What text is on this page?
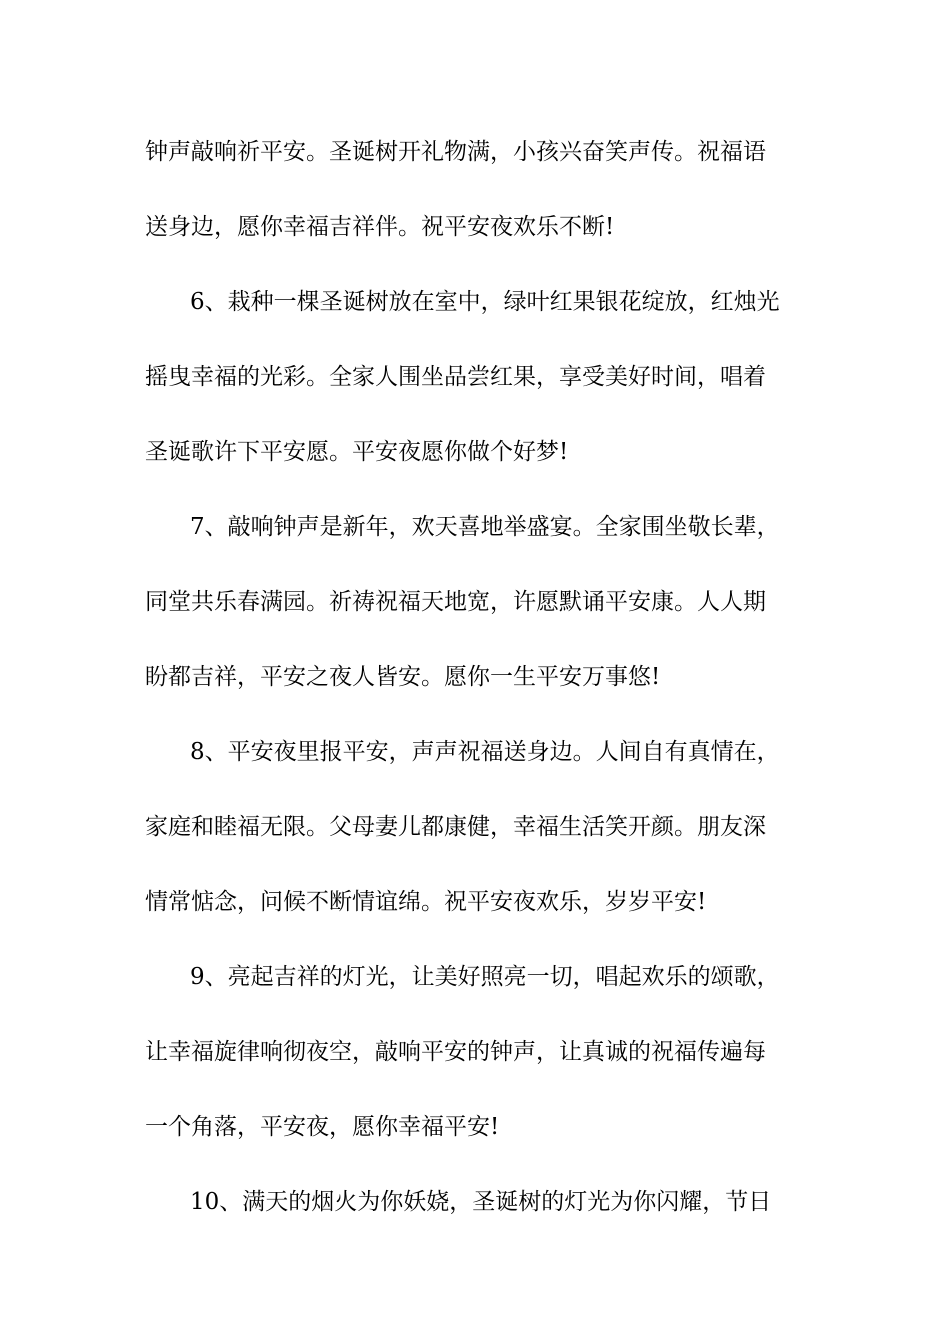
钟声敲响祈平安。圣诞树开礼物满，小孩兴奋笑声传。祝福语
送身边，愿你幸福吉祥伴。祝平安夜欢乐不断!
6、栽种一棵圣诞树放在室中，绿叶红果银花绽放，红烛光
摇曳幸福的光彩。全家人围坐品尝红果，享受美好时间，唱着
圣诞歌许下平安愿。平安夜愿你做个好梦!
7、敲响钟声是新年，欢天喜地举盛宴。全家围坐敬长辈，
同堂共乐春满园。祈祷祝福天地宽，许愿默诵平安康。人人期
盼都吉祥，平安之夜人皆安。愿你一生平安万事悠!
8、平安夜里报平安，声声祝福送身边。人间自有真情在，
家庭和睦福无限。父母妻儿都康健，幸福生活笑开颜。朋友深
情常惦念，问候不断情谊绵。祝平安夜欢乐，岁岁平安!
9、亮起吉祥的灯光，让美好照亮一切，唱起欢乐的颂歌，
让幸福旋律响彻夜空，敲响平安的钟声，让真诚的祝福传遍每
一个角落，平安夜，愿你幸福平安!
10、满天的烟火为你妖娆，圣诞树的灯光为你闪耀，节日
